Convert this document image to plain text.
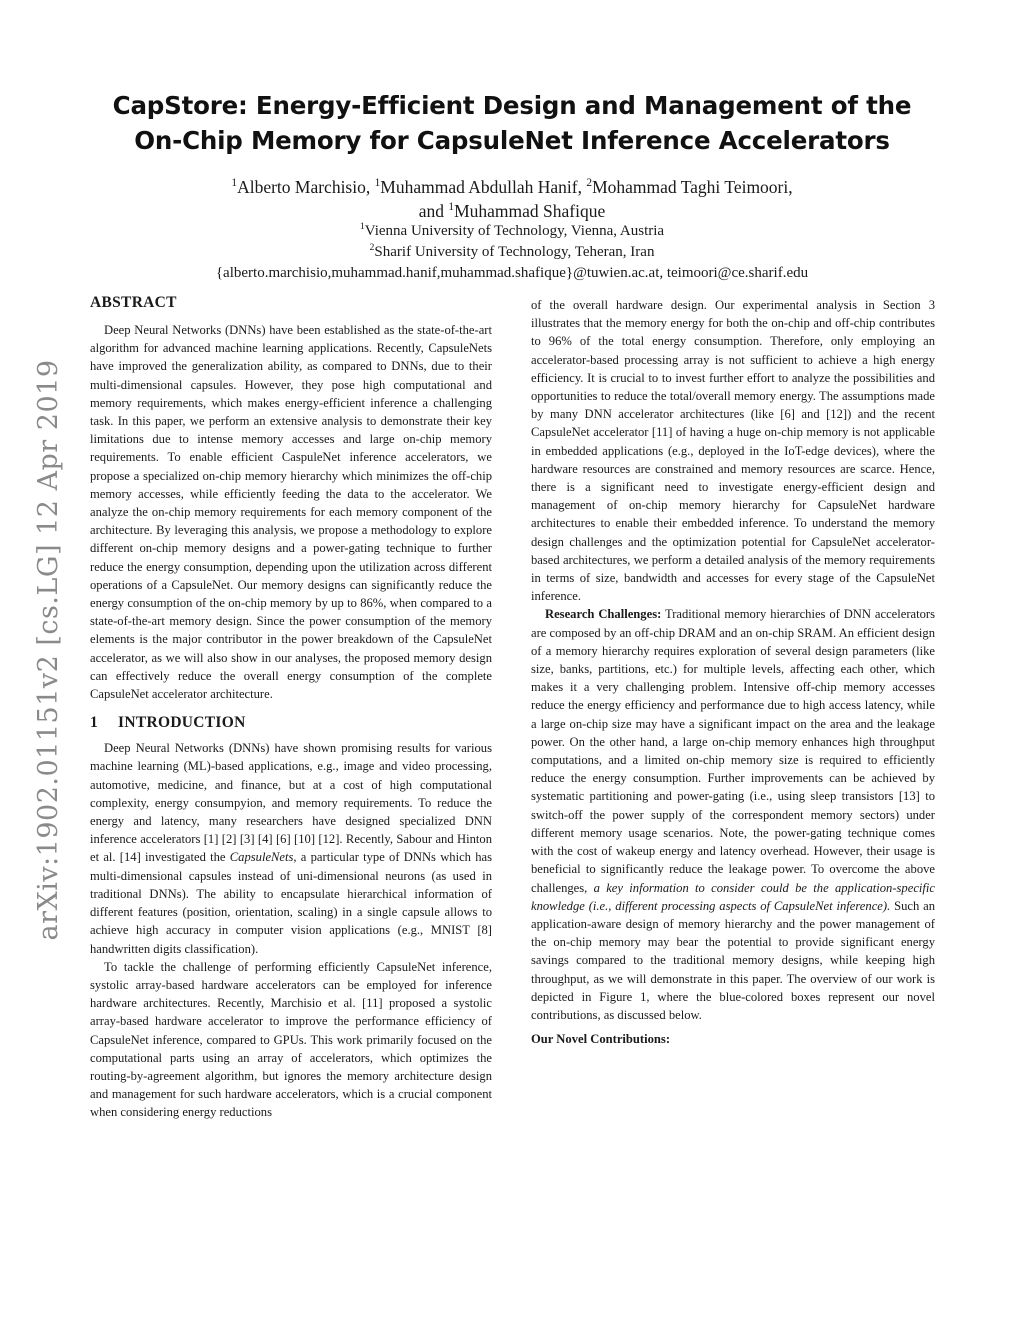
CapStore: Energy-Efficient Design and Management of the
On-Chip Memory for CapsuleNet Inference Accelerators
$^1$Alberto Marchisio, $^1$Muhammad Abdullah Hanif, $^2$Mohammad Taghi Teimoori,
and $^1$Muhammad Shafique
$^1$Vienna University of Technology, Vienna, Austria
$^2$Sharif University of Technology, Teheran, Iran
{alberto.marchisio,muhammad.hanif,muhammad.shafique}@tuwien.ac.at, teimoori@ce.sharif.edu
arXiv:1902.01151v2 [cs.LG] 12 Apr 2019
ABSTRACT

Deep Neural Networks (DNNs) have been established as the state-of-the-art algorithm for advanced machine learning applications. Recently, CapsuleNets have improved the generalization ability, as compared to DNNs, due to their multi-dimensional capsules. However, they pose high computational and memory requirements, which makes energy-efficient inference a challenging task. In this paper, we perform an extensive analysis to demonstrate their key limitations due to intense memory accesses and large on-chip memory requirements. To enable efficient CaspuleNet inference accelerators, we propose a specialized on-chip memory hierarchy which minimizes the off-chip memory accesses, while efficiently feeding the data to the accelerator. We analyze the on-chip memory requirements for each memory component of the architecture. By leveraging this analysis, we propose a methodology to explore different on-chip memory designs and a power-gating technique to further reduce the energy consumption, depending upon the utilization across different operations of a CapsuleNet. Our memory designs can significantly reduce the energy consumption of the on-chip memory by up to 86%, when compared to a state-of-the-art memory design. Since the power consumption of the memory elements is the major contributor in the power breakdown of the CapsuleNet accelerator, as we will also show in our analyses, the proposed memory design can effectively reduce the overall energy consumption of the complete CapsuleNet accelerator architecture.

1 INTRODUCTION

Deep Neural Networks (DNNs) have shown promising results for various machine learning (ML)-based applications, e.g., image and video processing, automotive, medicine, and finance, but at a cost of high computational complexity, energy consumpyion, and memory requirements. To reduce the energy and latency, many researchers have designed specialized DNN inference accelerators [1] [2] [3] [4] [6] [10] [12]. Recently, Sabour and Hinton et al. [14] investigated the CapsuleNets, a particular type of DNNs which has multi-dimensional capsules instead of uni-dimensional neurons (as used in traditional DNNs). The ability to encapsulate hierarchical information of different features (position, orientation, scaling) in a single capsule allows to achieve high accuracy in computer vision applications (e.g., MNIST [8] handwritten digits classification).

To tackle the challenge of performing efficiently CapsuleNet inference, systolic array-based hardware accelerators can be employed for inference hardware architectures. Recently, Marchisio et al. [11] proposed a systolic array-based hardware accelerator to improve the performance efficiency of CapsuleNet inference, compared to GPUs. This work primarily focused on the computational parts using an array of accelerators, which optimizes the routing-by-agreement algorithm, but ignores the memory architecture design and management for such hardware accelerators, which is a crucial component when considering energy reductions

of the overall hardware design. Our experimental analysis in Section 3 illustrates that the memory energy for both the on-chip and off-chip contributes to 96% of the total energy consumption. Therefore, only employing an accelerator-based processing array is not sufficient to achieve a high energy efficiency. It is crucial to to invest further effort to analyze the possibilities and opportunities to reduce the total/overall memory energy. The assumptions made by many DNN accelerator architectures (like [6] and [12]) and the recent CapsuleNet accelerator [11] of having a huge on-chip memory is not applicable in embedded applications (e.g., deployed in the IoT-edge devices), where the hardware resources are constrained and memory resources are scarce. Hence, there is a significant need to investigate energy-efficient design and management of on-chip memory hierarchy for CapsuleNet hardware architectures to enable their embedded inference. To understand the memory design challenges and the optimization potential for CapsuleNet accelerator-based architectures, we perform a detailed analysis of the memory requirements in terms of size, bandwidth and accesses for every stage of the CapsuleNet inference.

Research Challenges: Traditional memory hierarchies of DNN accelerators are composed by an off-chip DRAM and an on-chip SRAM. An efficient design of a memory hierarchy requires exploration of several design parameters (like size, banks, partitions, etc.) for multiple levels, affecting each other, which makes it a very challenging problem. Intensive off-chip memory accesses reduce the energy efficiency and performance due to high access latency, while a large on-chip size may have a significant impact on the area and the leakage power. On the other hand, a large on-chip memory enhances high throughput computations, and a limited on-chip memory size is required to efficiently reduce the energy consumption. Further improvements can be achieved by systematic partitioning and power-gating (i.e., using sleep transistors [13] to switch-off the power supply of the correspondent memory sectors) under different memory usage scenarios. Note, the power-gating technique comes with the cost of wakeup energy and latency overhead. However, their usage is beneficial to significantly reduce the leakage power. To overcome the above challenges, a key information to consider could be the application-specific knowledge (i.e., different processing aspects of CapsuleNet inference). Such an application-aware design of memory hierarchy and the power management of the on-chip memory may bear the potential to provide significant energy savings compared to the traditional memory designs, while keeping high throughput, as we will demonstrate in this paper. The overview of our work is depicted in Figure 1, where the blue-colored boxes represent our novel contributions, as discussed below.

Our Novel Contributions:
